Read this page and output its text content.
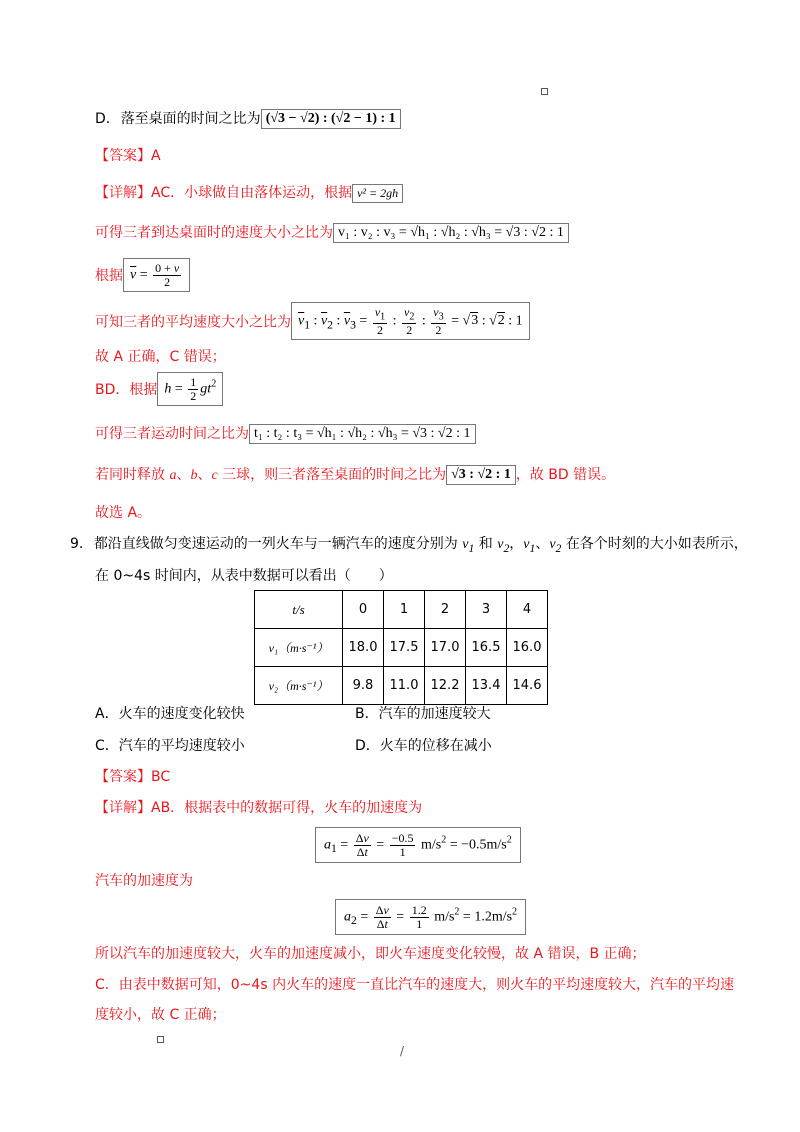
D. 落至桌面的时间之比为 (√3 − √2) : (√2 − 1) : 1
【答案】A
【详解】AC．小球做自由落体运动，根据 v² = 2gh
可得三者到达桌面时的速度大小之比为 v₁ : v₂ : v₃ = √h₁ : √h₂ : √h₃ = √3 : √2 : 1
根据 $\overline{v} = \frac{0 + v}{2}$
可知三者的平均速度大小之比为 $\overline{v}_1$ : $\overline{v}_2$ : $\overline{v}_3 = \frac{v_1}{2}$ : $\frac{v_2}{2}$ : $\frac{v_3}{2} = √3$ : √2 : 1
故 A 正确，C 错误；
BD．根据 $h = \frac{1}{2} gt^2$
可得三者运动时间之比为 t₁ : t₂ : t₃ = √h₁ : √h₂ : √h₃ = √3 : √2 : 1
若同时释放 a、b、c 三球，则三者落至桌面的时间之比为 √3 : √2 : 1 ，故 BD 错误。
故选 A。
9. 都沿直线做匀变速运动的一列火车与一辆汽车的速度分别为 $v_1$ 和 $v_2$，$v_1$、$v_2$ 在各个时刻的大小如表所示，
在 0~4s 时间内，从表中数据可以看出（　　）
t/s	0	1	2	3	4
v₁（m·s⁻¹）	18.0	17.5	17.0	16.5	16.0
v₂（m·s⁻¹）	9.8	11.0	12.2	13.4	14.6
A．火车的速度变化较快	B．汽车的加速度较大
C．汽车的平均速度较小	D．火车的位移在减小
【答案】BC
【详解】AB．根据表中的数据可得，火车的加速度为
$a_1 = \frac{\Delta v}{\Delta t} = \frac{-0.5}{1} m/s^2 = -0.5m/s^2$
汽车的加速度为
$a_2 = \frac{\Delta v}{\Delta t} = \frac{1.2}{1} m/s^2 = 1.2m/s^2$
所以汽车的加速度较大，火车的加速度减小，即火车速度变化较慢，故 A 错误，B 正确；
C．由表中数据可知，0~4s 内火车的速度一直比汽车的速度大，则火车的平均速度较大，汽车的平均速
度较小，故 C 正确；
/
